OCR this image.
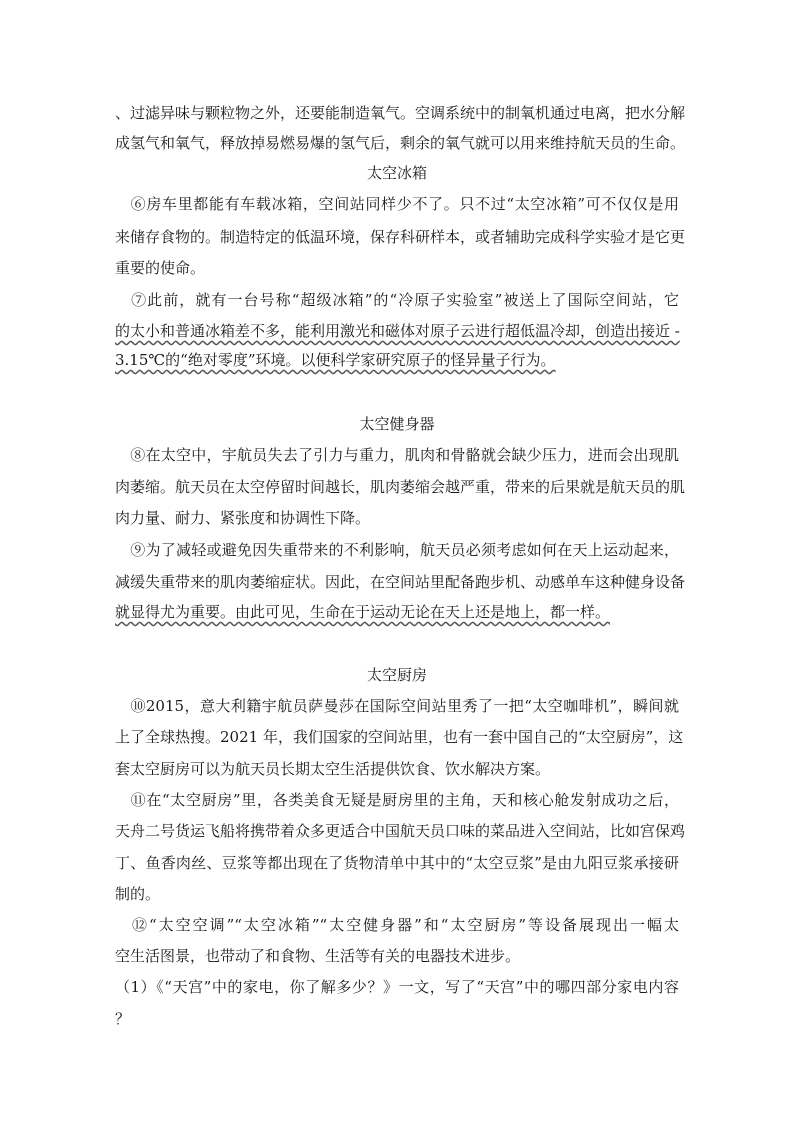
、过滤异味与颗粒物之外，还要能制造氧气。空调系统中的制氧机通过电离，把水分解
成氢气和氧气，释放掉易燃易爆的氢气后，剩余的氧气就可以用来维持航天员的生命。
太空冰箱
　⑥房车里都能有车载冰箱，空间站同样少不了。只不过“太空冰箱”可不仅仅是用
来储存食物的。制造特定的低温环境，保存科研样本，或者辅助完成科学实验才是它更
重要的使命。
　⑦此前，就有一台号称“超级冰箱”的“冷原子实验室”被送上了国际空间站，它
的太小和普通冰箱差不多，能利用激光和磁体对原子云进行超低温冷却，创造出接近 -
3.15℃的“绝对零度”环境。以便科学家研究原子的怪异量子行为。
太空健身器
　⑧在太空中，宇航员失去了引力与重力，肌肉和骨骼就会缺少压力，进而会出现肌
肉萎缩。航天员在太空停留时间越长，肌肉萎缩会越严重，带来的后果就是航天员的肌
肉力量、耐力、紧张度和协调性下降。
　⑨为了减轻或避免因失重带来的不利影响，航天员必须考虑如何在天上运动起来，
减缓失重带来的肌肉萎缩症状。因此，在空间站里配备跑步机、动感单车这种健身设备
就显得尤为重要。由此可见，生命在于运动无论在天上还是地上，都一样。
太空厨房
　⑩2015，意大利籍宇航员萨曼莎在国际空间站里秀了一把“太空咖啡机”，瞬间就
上了全球热搜。2021 年，我们国家的空间站里，也有一套中国自己的“太空厨房”，这
套太空厨房可以为航天员长期太空生活提供饮食、饮水解决方案。
　⑪在“太空厨房”里，各类美食无疑是厨房里的主角，天和核心舱发射成功之后，
天舟二号货运飞船将携带着众多更适合中国航天员口味的菜品进入空间站，比如宫保鸡
丁、鱼香肉丝、豆浆等都出现在了货物清单中其中的“太空豆浆”是由九阳豆浆承接研
制的。
　⑫“太空空调”“太空冰箱”“太空健身器”和“太空厨房”等设备展现出一幅太
空生活图景，也带动了和食物、生活等有关的电器技术进步。
（1）《“天宫”中的家电，你了解多少？》一文，写了“天宫”中的哪四部分家电内容
？
